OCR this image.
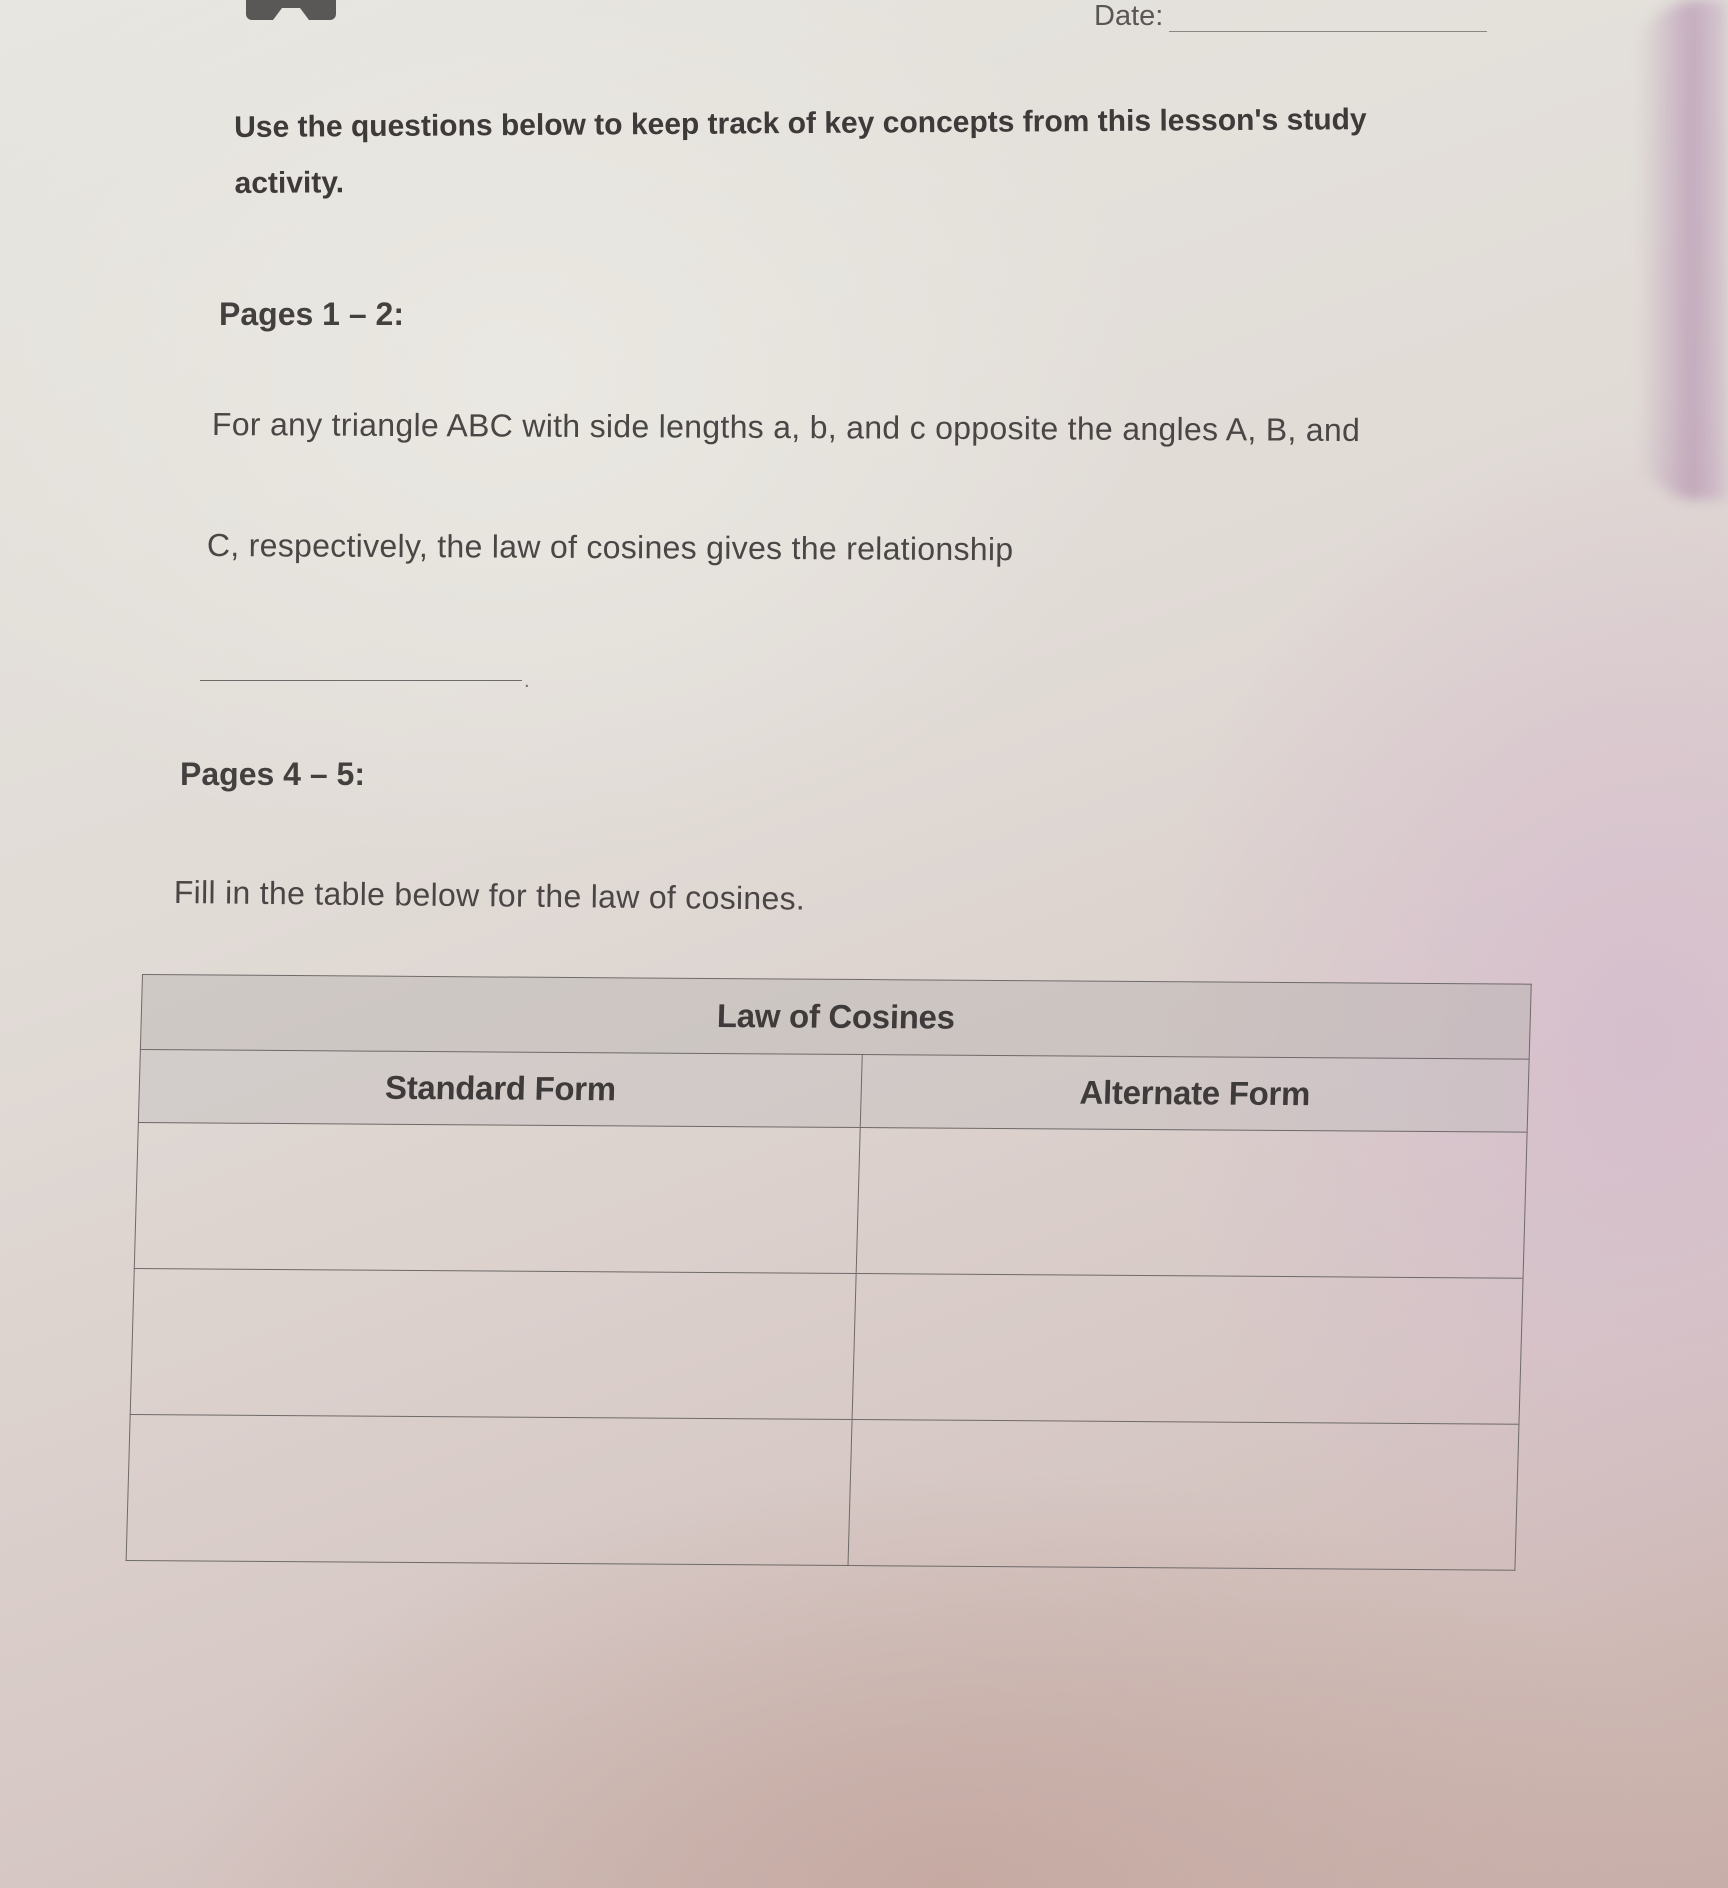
Date:
Use the questions below to keep track of key concepts from this lesson's study activity.
Pages 1 – 2:
For any triangle ABC with side lengths a, b, and c opposite the angles A, B, and
C, respectively, the law of cosines gives the relationship
.
Pages 4 – 5:
Fill in the table below for the law of cosines.
Law of Cosines	
Standard Form	Alternate Form
